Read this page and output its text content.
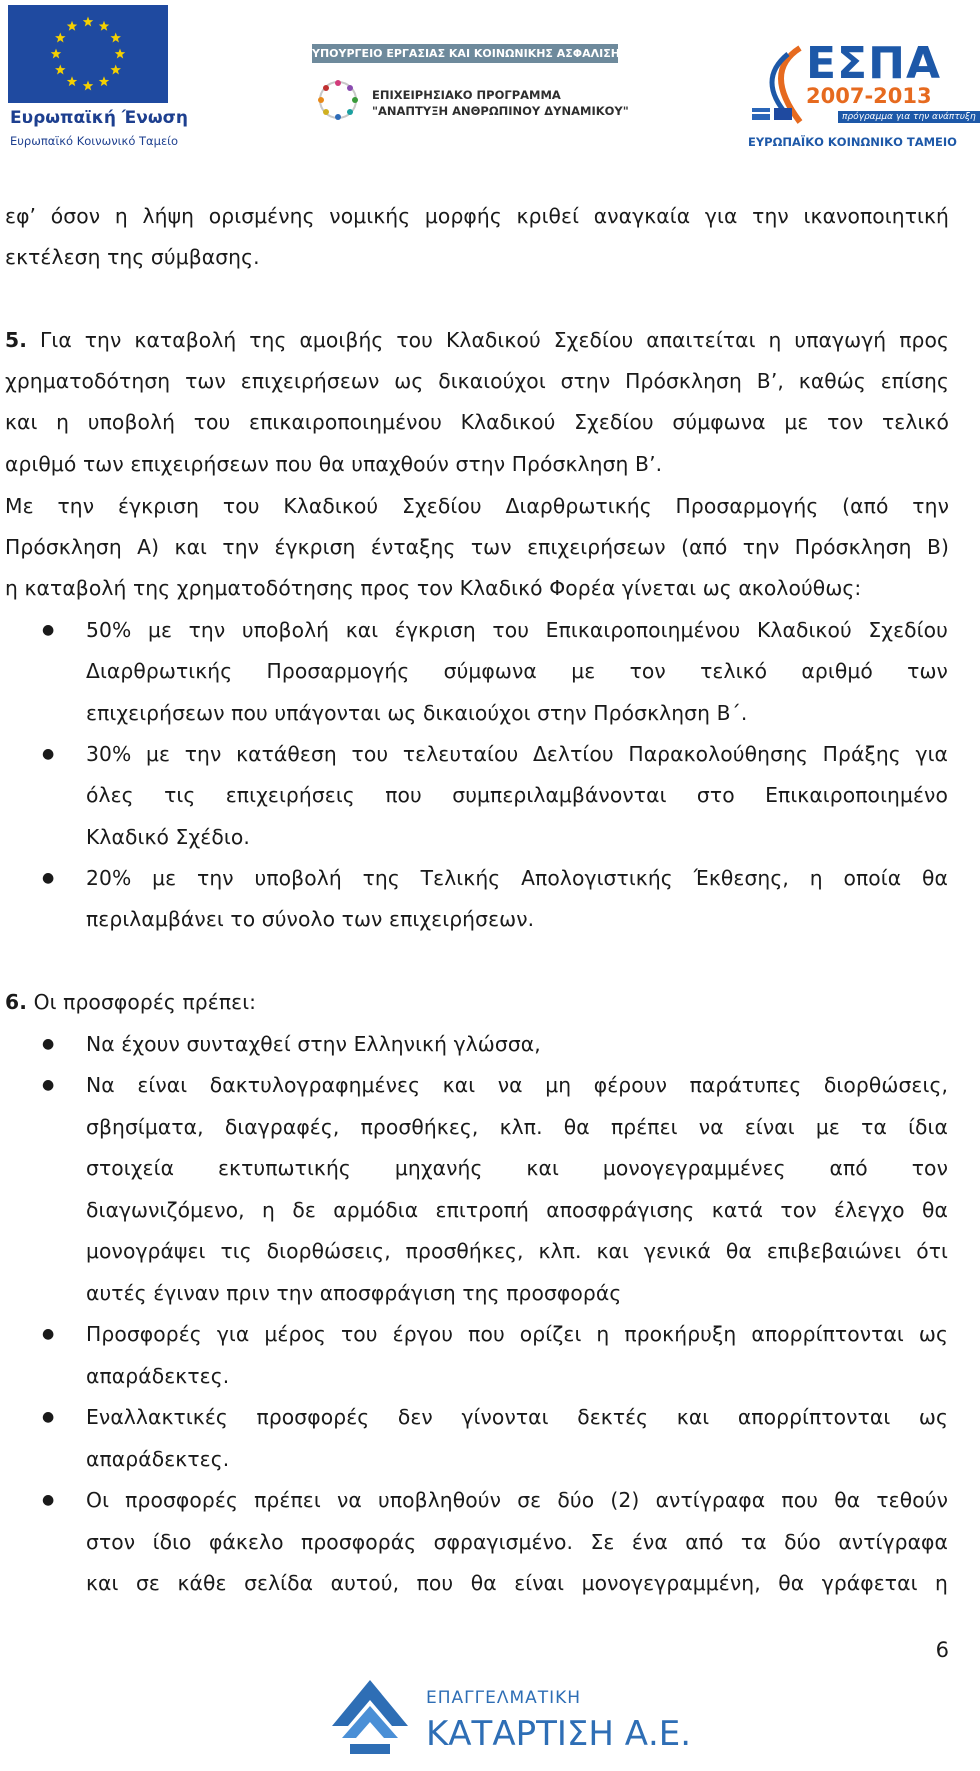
Ευρωπαϊκή Ένωση
Ευρωπαϊκό Κοινωνικό Ταμείο
ΥΠΟΥΡΓΕΙΟ ΕΡΓΑΣΙΑΣ ΚΑΙ ΚΟΙΝΩΝΙΚΗΣ ΑΣΦΑΛΙΣΗΣ
ΕΠΙΧΕΙΡΗΣΙΑΚΟ ΠΡΟΓΡΑΜΜΑ
"ΑΝΑΠΤΥΞΗ ΑΝΘΡΩΠΙΝΟΥ ΔΥΝΑΜΙΚΟΥ"
ΕΣΠΑ
2007-2013
πρόγραμμα για την ανάπτυξη
ΕΥΡΩΠΑΪΚΟ ΚΟΙΝΩΝΙΚΟ ΤΑΜΕΙΟ
εφ’ όσον η λήψη ορισμένης νομικής μορφής κριθεί αναγκαία για την ικανοποιητική
εκτέλεση της σύμβασης.
5. Για την καταβολή της αμοιβής του Κλαδικού Σχεδίου απαιτείται η υπαγωγή προς
χρηματοδότηση των επιχειρήσεων ως δικαιούχοι στην Πρόσκληση Β’, καθώς επίσης
και η υποβολή του επικαιροποιημένου Κλαδικού Σχεδίου σύμφωνα με τον τελικό
αριθμό των επιχειρήσεων που θα υπαχθούν στην Πρόσκληση Β’.
Με την έγκριση του Κλαδικού Σχεδίου Διαρθρωτικής Προσαρμογής (από την
Πρόσκληση Α) και την έγκριση ένταξης των επιχειρήσεων (από την Πρόσκληση Β)
η καταβολή της χρηματοδότησης προς τον Κλαδικό Φορέα γίνεται ως ακολούθως:
● 50% με την υποβολή και έγκριση του Επικαιροποιημένου Κλαδικού Σχεδίου
Διαρθρωτικής Προσαρμογής σύμφωνα με τον τελικό αριθμό των
επιχειρήσεων που υπάγονται ως δικαιούχοι στην Πρόσκληση Β΄.
● 30% με την κατάθεση του τελευταίου Δελτίου Παρακολούθησης Πράξης για
όλες τις επιχειρήσεις που συμπεριλαμβάνονται στο Επικαιροποιημένο
Κλαδικό Σχέδιο.
● 20% με την υποβολή της Τελικής Απολογιστικής Έκθεσης, η οποία θα
περιλαμβάνει το σύνολο των επιχειρήσεων.
6. Οι προσφορές πρέπει:
● Να έχουν συνταχθεί στην Ελληνική γλώσσα,
● Να είναι δακτυλογραφημένες και να μη φέρουν παράτυπες διορθώσεις,
σβησίματα, διαγραφές, προσθήκες, κλπ. θα πρέπει να είναι με τα ίδια
στοιχεία εκτυπωτικής μηχανής και μονογεγραμμένες από τον
διαγωνιζόμενο, η δε αρμόδια επιτροπή αποσφράγισης κατά τον έλεγχο θα
μονογράψει τις διορθώσεις, προσθήκες, κλπ. και γενικά θα επιβεβαιώνει ότι
αυτές έγιναν πριν την αποσφράγιση της προσφοράς
● Προσφορές για μέρος του έργου που ορίζει η προκήρυξη απορρίπτονται ως
απαράδεκτες.
● Εναλλακτικές προσφορές δεν γίνονται δεκτές και απορρίπτονται ως
απαράδεκτες.
● Οι προσφορές πρέπει να υποβληθούν σε δύο (2) αντίγραφα που θα τεθούν
στον ίδιο φάκελο προσφοράς σφραγισμένο. Σε ένα από τα δύο αντίγραφα
και σε κάθε σελίδα αυτού, που θα είναι μονογεγραμμένη, θα γράφεται η
6
ΕΠΑΓΓΕΛΜΑΤΙΚΗ
ΚΑΤΑΡΤΙΣΗ Α.Ε.
